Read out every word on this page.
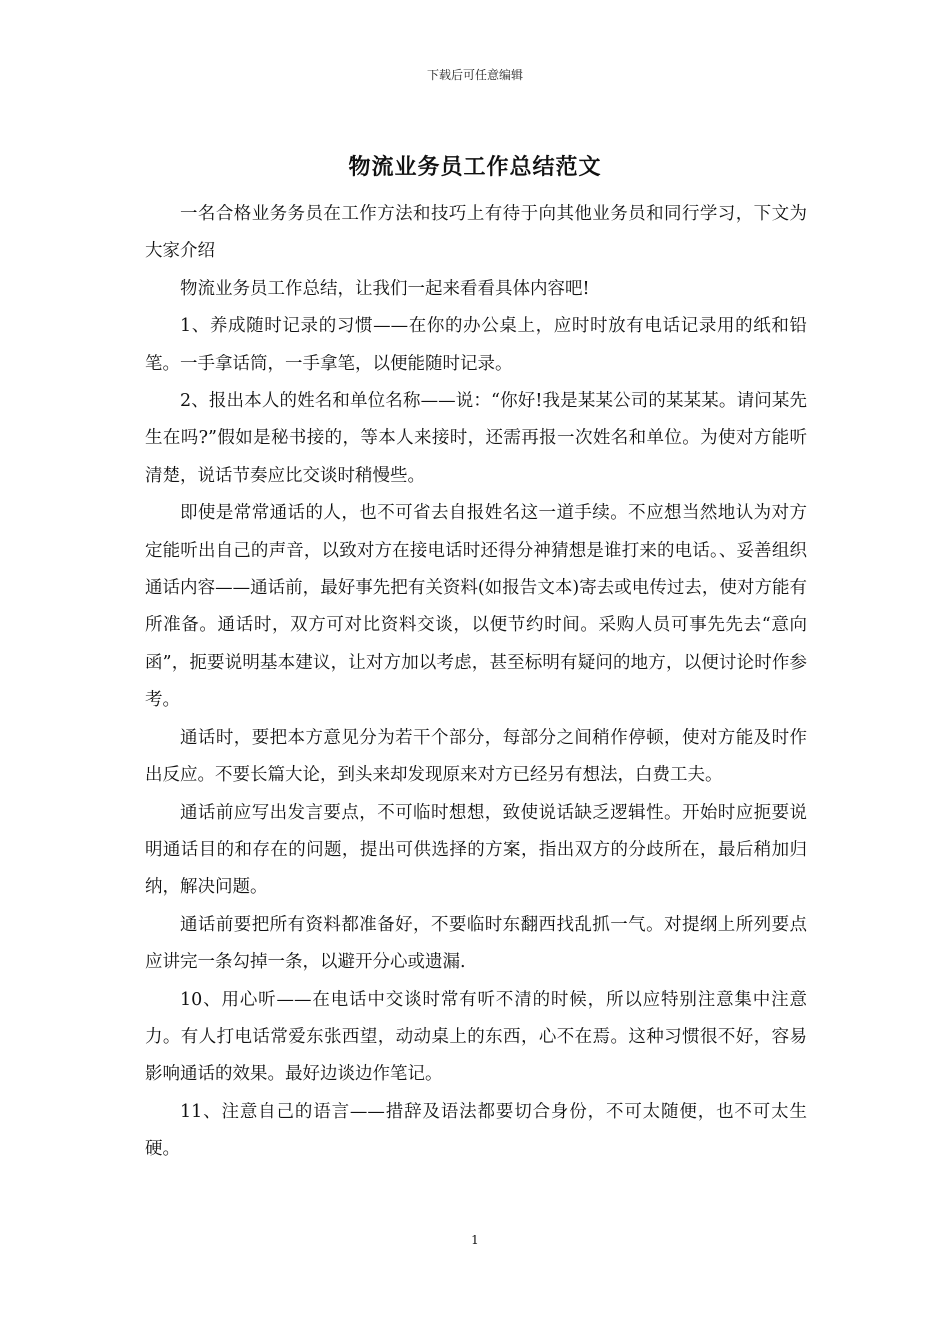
下载后可任意编辑
物流业务员工作总结范文

一名合格业务务员在工作方法和技巧上有待于向其他业务员和同行学习，下文为大家介绍

物流业务员工作总结，让我们一起来看看具体内容吧!

1、养成随时记录的习惯——在你的办公桌上，应时时放有电话记录用的纸和铅笔。一手拿话筒，一手拿笔，以便能随时记录。

2、报出本人的姓名和单位名称——说：“你好!我是某某公司的某某某。请问某先生在吗?”假如是秘书接的，等本人来接时，还需再报一次姓名和单位。为使对方能听清楚，说话节奏应比交谈时稍慢些。

即使是常常通话的人，也不可省去自报姓名这一道手续。不应想当然地认为对方定能听出自己的声音，以致对方在接电话时还得分神猜想是谁打来的电话。、妥善组织通话内容——通话前，最好事先把有关资料(如报告文本)寄去或电传过去，使对方能有所准备。通话时，双方可对比资料交谈，以便节约时间。采购人员可事先先去“意向函”，扼要说明基本建议，让对方加以考虑，甚至标明有疑问的地方，以便讨论时作参考。

通话时，要把本方意见分为若干个部分，每部分之间稍作停顿，使对方能及时作出反应。不要长篇大论，到头来却发现原来对方已经另有想法，白费工夫。

通话前应写出发言要点，不可临时想想，致使说话缺乏逻辑性。开始时应扼要说明通话目的和存在的问题，提出可供选择的方案，指出双方的分歧所在，最后稍加归纳，解决问题。

通话前要把所有资料都准备好，不要临时东翻西找乱抓一气。对提纲上所列要点应讲完一条勾掉一条，以避开分心或遗漏.

10、用心听——在电话中交谈时常有听不清的时候，所以应特别注意集中注意力。有人打电话常爱东张西望，动动桌上的东西，心不在焉。这种习惯很不好，容易影响通话的效果。最好边谈边作笔记。

11、注意自己的语言——措辞及语法都要切合身份，不可太随便，也不可太生硬。

1
